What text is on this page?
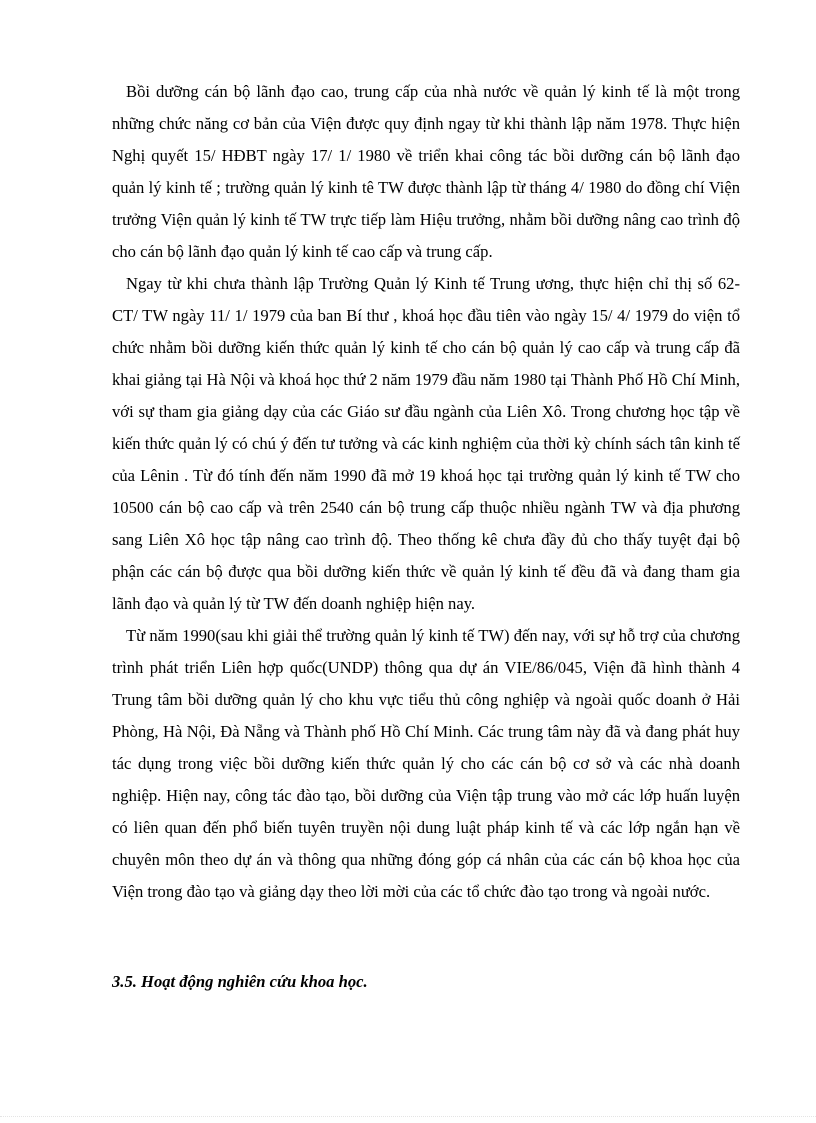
Bồi dưỡng cán bộ lãnh đạo cao, trung cấp của nhà nước về quản lý kinh tế là một trong những chức năng cơ bản của Viện được quy định ngay từ khi thành lập năm 1978. Thực hiện Nghị quyết 15/ HĐBT ngày 17/ 1/ 1980 về triển khai công tác bồi dưỡng cán bộ lãnh đạo quản lý kinh tế ; trường quản lý kinh tê TW được thành lập từ tháng 4/ 1980 do đồng chí Viện trưởng Viện quản lý kinh tế TW trực tiếp làm Hiệu trưởng, nhằm bồi dưỡng nâng cao trình độ cho cán bộ lãnh đạo quản lý kinh tế cao cấp và trung cấp.

Ngay từ khi chưa thành lập Trường Quản lý Kinh tế Trung ương, thực hiện chỉ thị số 62- CT/ TW ngày 11/ 1/ 1979 của ban Bí thư , khoá học đầu tiên vào ngày 15/ 4/ 1979 do viện tổ chức nhằm bồi dưỡng kiến thức quản lý kinh tế cho cán bộ quản lý cao cấp và trung cấp đã khai giảng tại Hà Nội và khoá học thứ 2 năm 1979 đầu năm 1980 tại Thành Phố Hồ Chí Minh, với sự tham gia giảng dạy của các Giáo sư đầu ngành của Liên Xô. Trong chương học tập về kiến thức quản lý có chú ý đến tư tưởng và các kinh nghiệm của thời kỳ chính sách tân kinh tế của Lênin . Từ đó tính đến năm 1990 đã mở 19 khoá học tại trường quản lý kinh tế TW cho 10500 cán bộ cao cấp và trên 2540 cán bộ trung cấp thuộc nhiều ngành TW và địa phương sang Liên Xô học tập nâng cao trình độ. Theo thống kê chưa đầy đủ cho thấy tuyệt đại bộ phận các cán bộ được qua bồi dưỡng kiến thức về quản lý kinh tế đều đã và đang tham gia lãnh đạo và quản lý từ TW đến doanh nghiệp hiện nay.

Từ năm 1990(sau khi giải thể trường quản lý kinh tế TW) đến nay, với sự hỗ trợ của chương trình phát triển Liên hợp quốc(UNDP) thông qua dự án VIE/86/045, Viện đã hình thành 4 Trung tâm bồi dưỡng quản lý cho khu vực tiểu thủ công nghiệp và ngoài quốc doanh ở Hải Phòng, Hà Nội, Đà Nẵng và Thành phố Hồ Chí Minh. Các trung tâm này đã và đang phát huy tác dụng trong việc bồi dưỡng kiến thức quản lý cho các cán bộ cơ sở và các nhà doanh nghiệp. Hiện nay, công tác đào tạo, bồi dưỡng của Viện tập trung vào mở các lớp huấn luyện có liên quan đến phổ biến tuyên truyền nội dung luật pháp kinh tế và các lớp ngắn hạn về chuyên môn theo dự án và thông qua những đóng góp cá nhân của các cán bộ khoa học của Viện trong đào tạo và giảng dạy theo lời mời của các tổ chức đào tạo trong và ngoài nước.

3.5. Hoạt động nghiên cứu khoa học.
